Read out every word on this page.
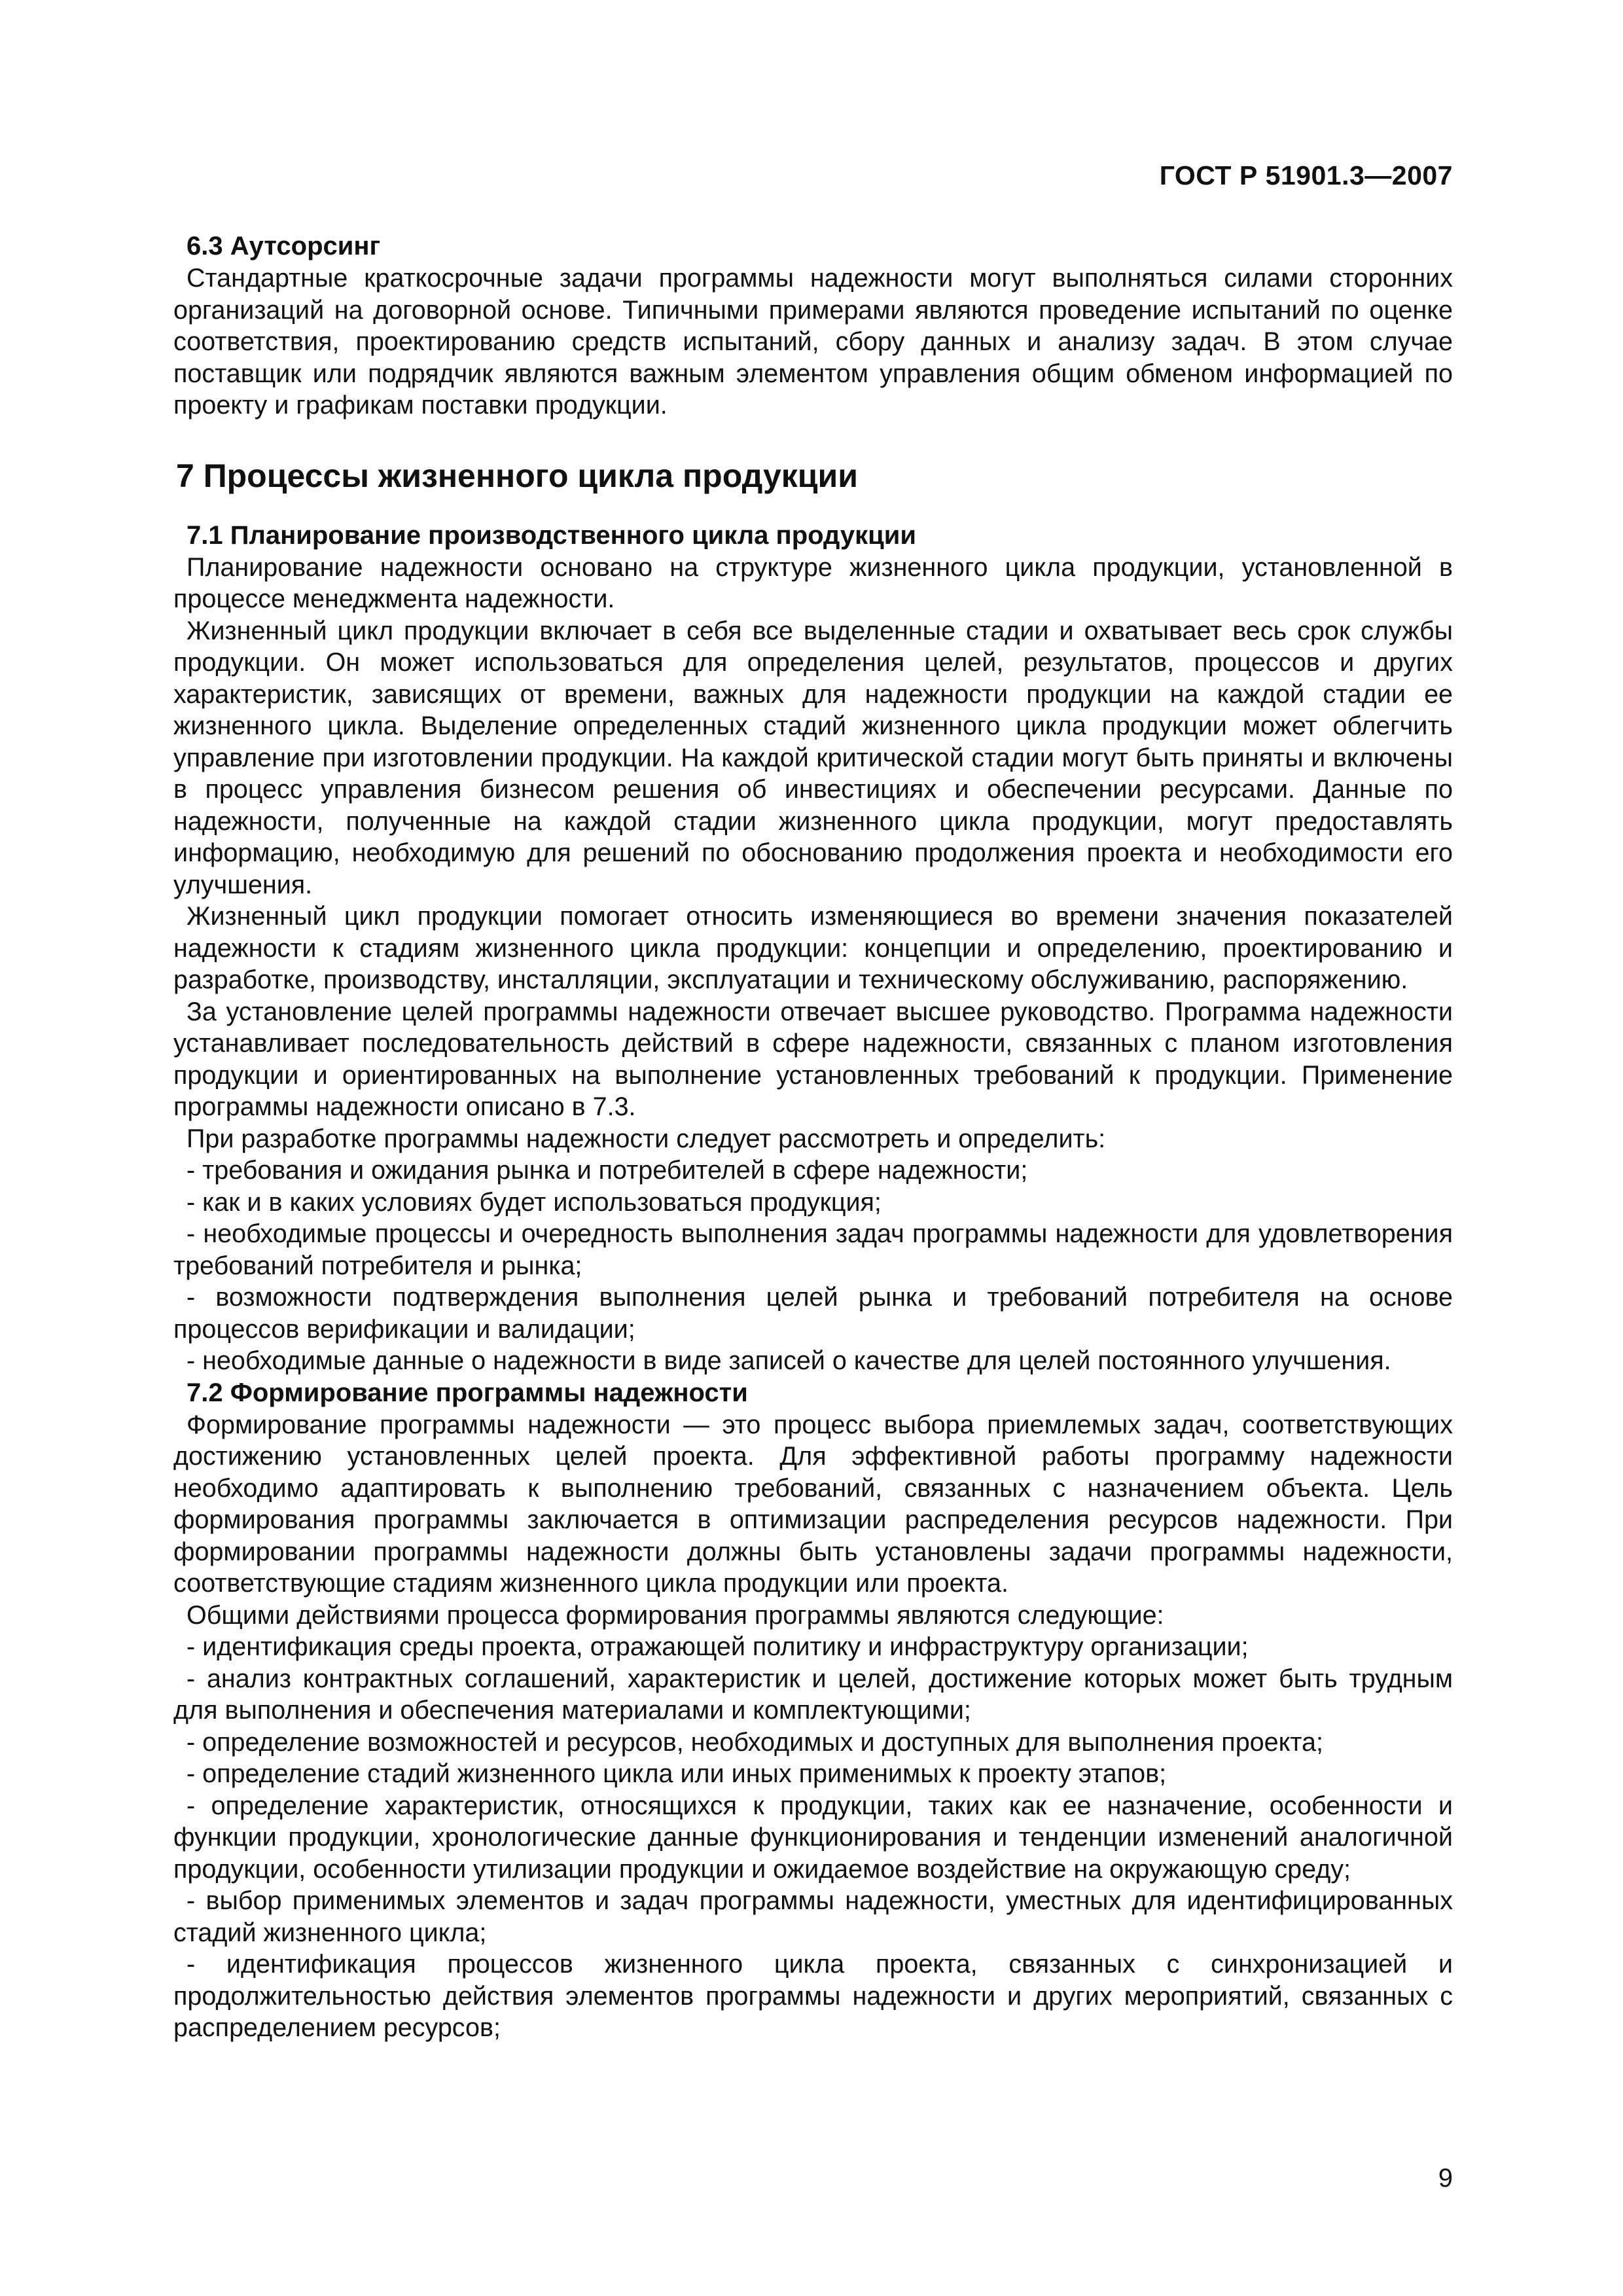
ГОСТ Р 51901.3—2007
6.3 Аутсорсинг

Стандартные краткосрочные задачи программы надежности могут выполняться силами сторонних организаций на договорной основе. Типичными примерами являются проведение испытаний по оценке соответствия, проектированию средств испытаний, сбору данных и анализу задач. В этом случае поставщик или подрядчик являются важным элементом управления общим обменом информацией по проекту и графикам поставки продукции.

7 Процессы жизненного цикла продукции
7.1 Планирование производственного цикла продукции

Планирование надежности основано на структуре жизненного цикла продукции, установленной в процессе менеджмента надежности.

Жизненный цикл продукции включает в себя все выделенные стадии и охватывает весь срок службы продукции. Он может использоваться для определения целей, результатов, процессов и других характеристик, зависящих от времени, важных для надежности продукции на каждой стадии ее жизненного цикла. Выделение определенных стадий жизненного цикла продукции может облегчить управление при изготовлении продукции. На каждой критической стадии могут быть приняты и включены в процесс управления бизнесом решения об инвестициях и обеспечении ресурсами. Данные по надежности, полученные на каждой стадии жизненного цикла продукции, могут предоставлять информацию, необходимую для решений по обоснованию продолжения проекта и необходимости его улучшения.

Жизненный цикл продукции помогает относить изменяющиеся во времени значения показателей надежности к стадиям жизненного цикла продукции: концепции и определению, проектированию и разработке, производству, инсталляции, эксплуатации и техническому обслуживанию, распоряжению.

За установление целей программы надежности отвечает высшее руководство. Программа надежности устанавливает последовательность действий в сфере надежности, связанных с планом изготовления продукции и ориентированных на выполнение установленных требований к продукции. Применение программы надежности описано в 7.3.

При разработке программы надежности следует рассмотреть и определить:

- требования и ожидания рынка и потребителей в сфере надежности;

- как и в каких условиях будет использоваться продукция;

- необходимые процессы и очередность выполнения задач программы надежности для удовлетворения требований потребителя и рынка;

- возможности подтверждения выполнения целей рынка и требований потребителя на основе процессов верификации и валидации;

- необходимые данные о надежности в виде записей о качестве для целей постоянного улучшения.

7.2 Формирование программы надежности

Формирование программы надежности — это процесс выбора приемлемых задач, соответствующих достижению установленных целей проекта. Для эффективной работы программу надежности необходимо адаптировать к выполнению требований, связанных с назначением объекта. Цель формирования программы заключается в оптимизации распределения ресурсов надежности. При формировании программы надежности должны быть установлены задачи программы надежности, соответствующие стадиям жизненного цикла продукции или проекта.

Общими действиями процесса формирования программы являются следующие:

- идентификация среды проекта, отражающей политику и инфраструктуру организации;

- анализ контрактных соглашений, характеристик и целей, достижение которых может быть трудным для выполнения и обеспечения материалами и комплектующими;

- определение возможностей и ресурсов, необходимых и доступных для выполнения проекта;

- определение стадий жизненного цикла или иных применимых к проекту этапов;

- определение характеристик, относящихся к продукции, таких как ее назначение, особенности и функции продукции, хронологические данные функционирования и тенденции изменений аналогичной продукции, особенности утилизации продукции и ожидаемое воздействие на окружающую среду;

- выбор применимых элементов и задач программы надежности, уместных для идентифицированных стадий жизненного цикла;

- идентификация процессов жизненного цикла проекта, связанных с синхронизацией и продолжительностью действия элементов программы надежности и других мероприятий, связанных с распределением ресурсов;

9
